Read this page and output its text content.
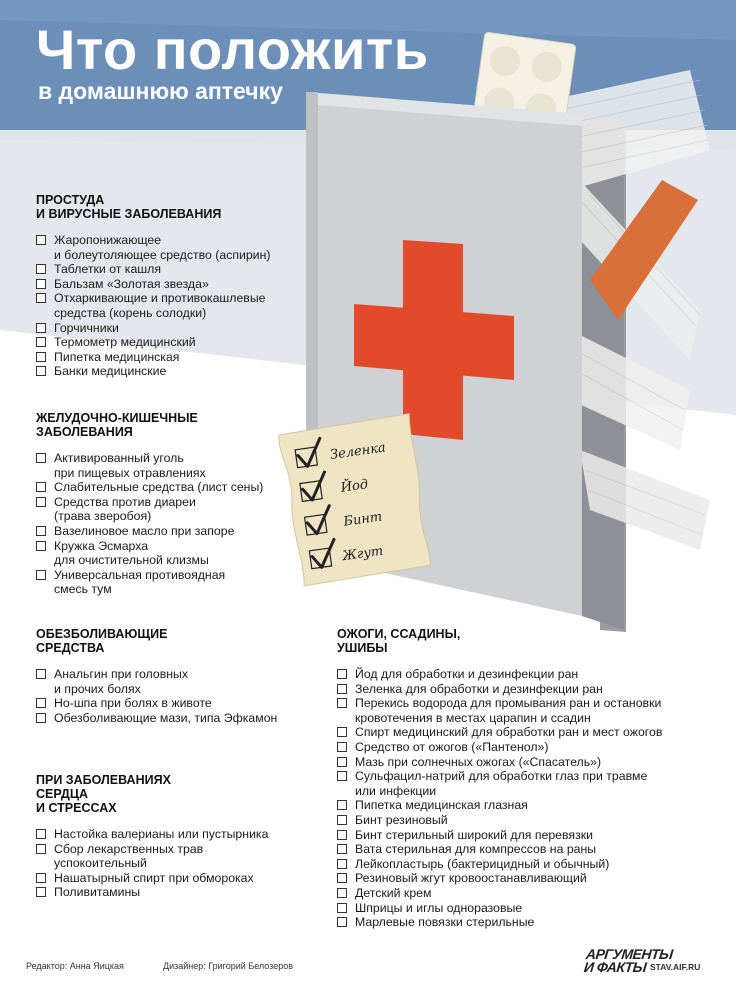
Что положить
в домашнюю аптечку
Зеленка
Йод
Бинт
Жгут
ПРОСТУДА
И ВИРУСНЫЕ ЗАБОЛЕВАНИЯ
Жаропонижающее
и болеутоляющее средство (аспирин)
Таблетки от кашля
Бальзам «Золотая звезда»
Отхаркивающие и противокашлевые
средства (корень солодки)
Горчичники
Термометр медицинский
Пипетка медицинская
Банки медицинские
ЖЕЛУДОЧНО-КИШЕЧНЫЕ
ЗАБОЛЕВАНИЯ
Активированный уголь
при пищевых отравлениях
Слабительные средства (лист сены)
Средства против диареи
(трава зверобоя)
Вазелиновое масло при запоре
Кружка Эсмарха
для очистительной клизмы
Универсальная противоядная
смесь тум
ОБЕЗБОЛИВАЮЩИЕ
СРЕДСТВА
Анальгин при головных
и прочих болях
Но-шпа при болях в животе
Обезболивающие мази, типа Эфкамон
ПРИ ЗАБОЛЕВАНИЯХ СЕРДЦА
И СТРЕССАХ
Настойка валерианы или пустырника
Сбор лекарственных трав
успокоительный
Нашатырный спирт при обмороках
Поливитамины
ОЖОГИ, ССАДИНЫ,
УШИБЫ
Йод для обработки и дезинфекции ран
Зеленка для обработки и дезинфекции ран
Перекись водорода для промывания ран и остановки
кровотечения в местах царапин и ссадин
Спирт медицинский для обработки ран и мест ожогов
Средство от ожогов («Пантенол»)
Мазь при солнечных ожогах («Спасатель»)
Сульфацил-натрий для обработки глаз при травме
или инфекции
Пипетка медицинская глазная
Бинт резиновый
Бинт стерильный широкий для перевязки
Вата стерильная для компрессов на раны
Лейкопластырь (бактерицидный и обычный)
Резиновый жгут кровоостанавливающий
Детский крем
Шприцы и иглы одноразовые
Марлевые повязки стерильные
Редактор: Анна Яицкая	Дизайнер: Григорий Белозеров
АРГУМЕНТЫ
И ФАКТЫ STAV.AIF.RU
